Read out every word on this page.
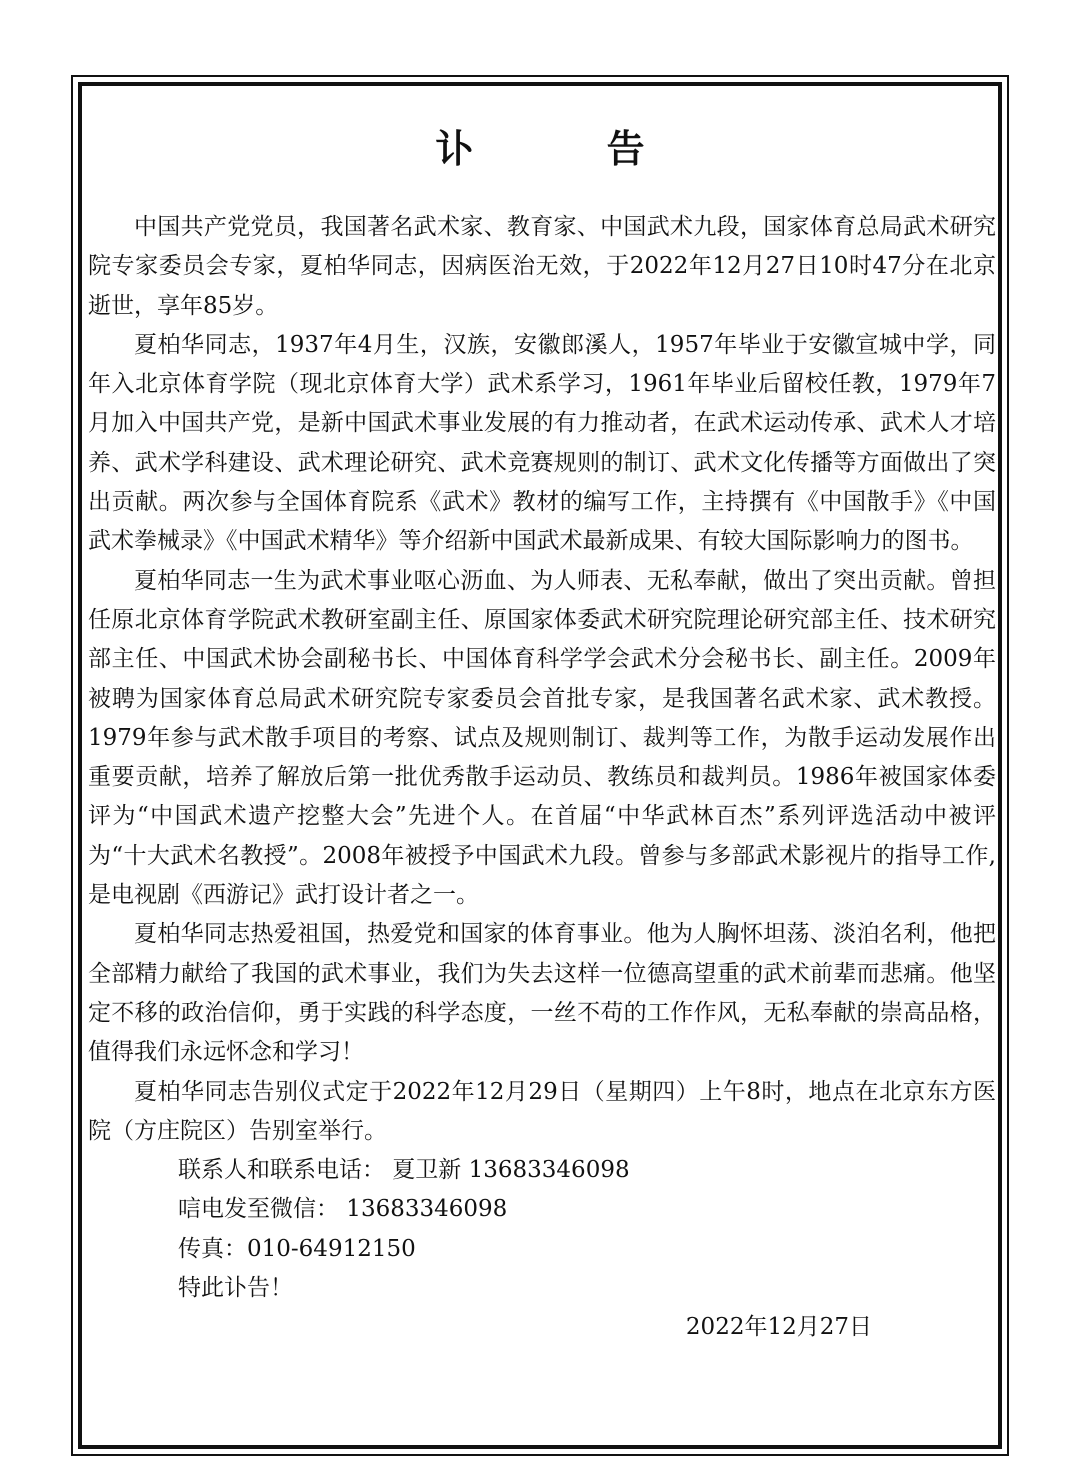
讣 告

中国共产党党员，我国著名武术家、教育家、中国武术九段，国家体育总局武术研究院专家委员会专家，夏柏华同志，因病医治无效，于2022年12月27日10时47分在北京逝世，享年85岁。

夏柏华同志，1937年4月生，汉族，安徽郎溪人，1957年毕业于安徽宣城中学，同年入北京体育学院（现北京体育大学）武术系学习，1961年毕业后留校任教，1979年7月加入中国共产党，是新中国武术事业发展的有力推动者，在武术运动传承、武术人才培养、武术学科建设、武术理论研究、武术竞赛规则的制订、武术文化传播等方面做出了突出贡献。两次参与全国体育院系《武术》教材的编写工作，主持撰有《中国散手》《中国武术拳械录》《中国武术精华》等介绍新中国武术最新成果、有较大国际影响力的图书。

夏柏华同志一生为武术事业呕心沥血、为人师表、无私奉献，做出了突出贡献。曾担任原北京体育学院武术教研室副主任、原国家体委武术研究院理论研究部主任、技术研究部主任、中国武术协会副秘书长、中国体育科学学会武术分会秘书长、副主任。2009年被聘为国家体育总局武术研究院专家委员会首批专家，是我国著名武术家、武术教授。1979年参与武术散手项目的考察、试点及规则制订、裁判等工作，为散手运动发展作出重要贡献，培养了解放后第一批优秀散手运动员、教练员和裁判员。1986年被国家体委评为“中国武术遗产挖整大会”先进个人。在首届“中华武林百杰”系列评选活动中被评为“十大武术名教授”。2008年被授予中国武术九段。曾参与多部武术影视片的指导工作,是电视剧《西游记》武打设计者之一。

夏柏华同志热爱祖国，热爱党和国家的体育事业。他为人胸怀坦荡、淡泊名利，他把全部精力献给了我国的武术事业，我们为失去这样一位德高望重的武术前辈而悲痛。他坚定不移的政治信仰，勇于实践的科学态度，一丝不苟的工作作风，无私奉献的崇高品格，值得我们永远怀念和学习！

夏柏华同志告别仪式定于2022年12月29日（星期四）上午8时，地点在北京东方医院（方庄院区）告别室举行。

联系人和联系电话： 夏卫新 13683346098

唁电发至微信： 13683346098

传真：010-64912150

特此讣告！

2022年12月27日
